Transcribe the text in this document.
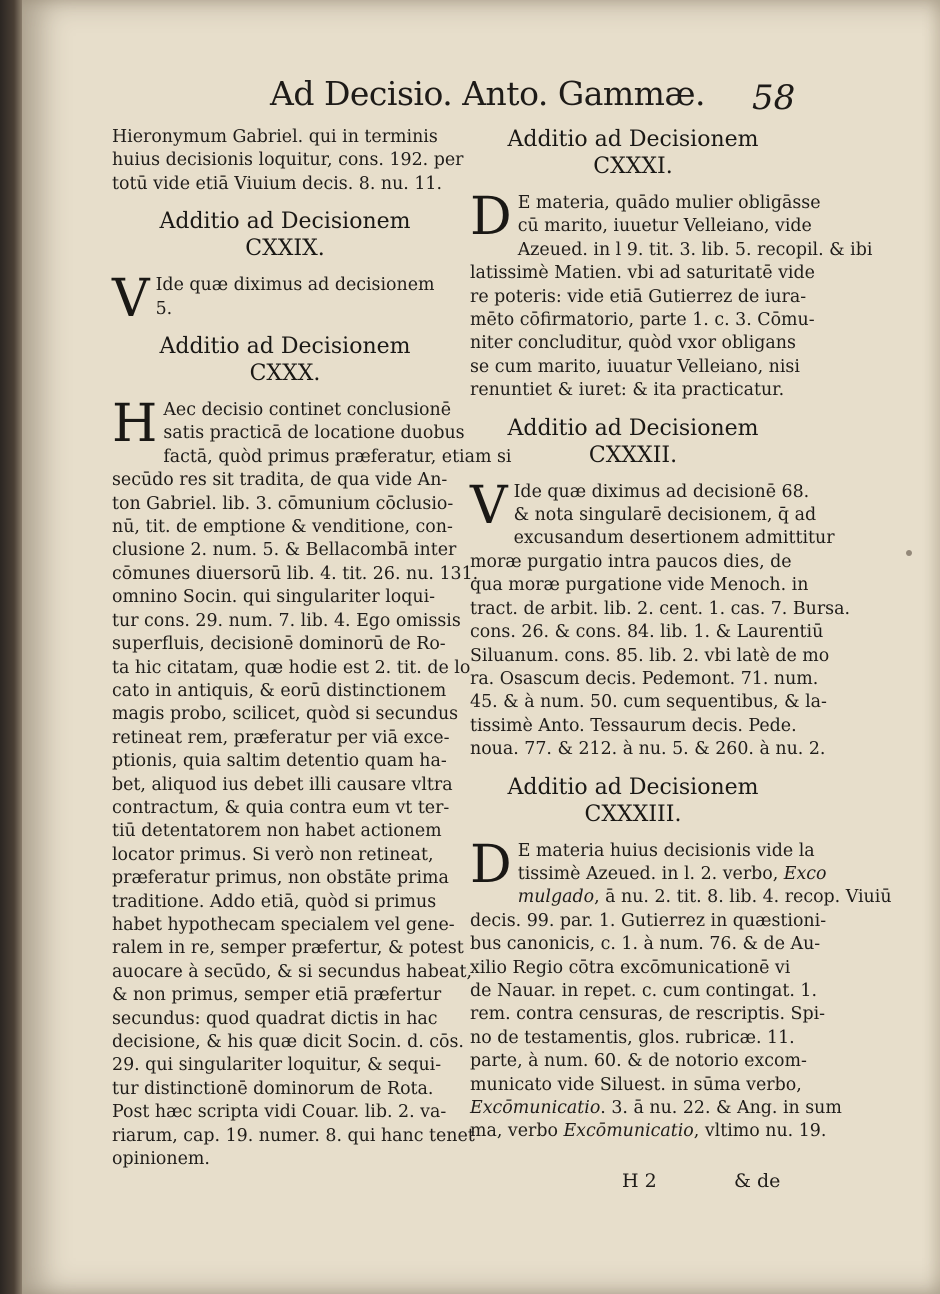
Ad Decisio. Anto. Gammæ. 58

Hieronymum Gabriel. qui in terminis

huius decisionis loquitur, cons. 192. per

totū vide etiā Viuium decis. 8. nu. 11.

Additio ad Decisionem
CXXIX.
V Ide quæ diximus ad decisionem

5.

Additio ad Decisionem
CXXX.
H Aec decisio continet conclusionē

satis practicā de locatione duobus

factā, quòd primus præferatur, etiam si

secūdo res sit tradita, de qua vide An-

ton Gabriel. lib. 3. cōmunium cōclusio-

nū, tit. de emptione & venditione, con-

clusione 2. num. 5. & Bellacombā inter

cōmunes diuersorū lib. 4. tit. 26. nu. 131.

omnino Socin. qui singulariter loqui-

tur cons. 29. num. 7. lib. 4. Ego omissis

superfluis, decisionē dominorū de Ro-

ta hic citatam, quæ hodie est 2. tit. de lo

cato in antiquis, & eorū distinctionem

magis probo, scilicet, quòd si secundus

retineat rem, præferatur per viā exce-

ptionis, quia saltim detentio quam ha-

bet, aliquod ius debet illi causare vltra

contractum, & quia contra eum vt ter-

tiū detentatorem non habet actionem

locator primus. Si verò non retineat,

præferatur primus, non obstāte prima

traditione. Addo etiā, quòd si primus

habet hypothecam specialem vel gene-

ralem in re, semper præfertur, & potest

auocare à secūdo, & si secundus habeat,

& non primus, semper etiā præfertur

secundus: quod quadrat dictis in hac

decisione, & his quæ dicit Socin. d. cōs.

29. qui singulariter loquitur, & sequi-

tur distinctionē dominorum de Rota.

Post hæc scripta vidi Couar. lib. 2. va-

riarum, cap. 19. numer. 8. qui hanc tenet

opinionem.

Additio ad Decisionem
CXXXI.
D E materia, quādo mulier obligāsse

cū marito, iuuetur Velleiano, vide

Azeued. in l 9. tit. 3. lib. 5. recopil. & ibi

latissimè Matien. vbi ad saturitatē vide

re poteris: vide etiā Gutierrez de iura-

mēto cōfirmatorio, parte 1. c. 3. Cōmu-

niter concluditur, quòd vxor obligans

se cum marito, iuuatur Velleiano, nisi

renuntiet & iuret: & ita practicatur.

Additio ad Decisionem
CXXXII.
V Ide quæ diximus ad decisionē 68.

& nota singularē decisionem, q̄ ad

excusandum desertionem admittitur

moræ purgatio intra paucos dies, de

qua moræ purgatione vide Menoch. in

tract. de arbit. lib. 2. cent. 1. cas. 7. Bursa.

cons. 26. & cons. 84. lib. 1. & Laurentiū

Siluanum. cons. 85. lib. 2. vbi latè de mo

ra. Osascum decis. Pedemont. 71. num.

45. & à num. 50. cum sequentibus, & la-

tissimè Anto. Tessaurum decis. Pede.

noua. 77. & 212. à nu. 5. & 260. à nu. 2.

Additio ad Decisionem
CXXXIII.
D E materia huius decisionis vide la

tissimè Azeued. in l. 2. verbo, Exco

mulgado, ā nu. 2. tit. 8. lib. 4. recop. Viuiū

decis. 99. par. 1. Gutierrez in quæstioni-

bus canonicis, c. 1. à num. 76. & de Au-

xilio Regio cōtra excōmunicationē vi

de Nauar. in repet. c. cum contingat. 1.

rem. contra censuras, de rescriptis. Spi-

no de testamentis, glos. rubricæ. 11.

parte, à num. 60. & de notorio excom-

municato vide Siluest. in sūma verbo,

Excōmunicatio. 3. ā nu. 22. & Ang. in sum

ma, verbo Excōmunicatio, vltimo nu. 19.

H 2	& de
